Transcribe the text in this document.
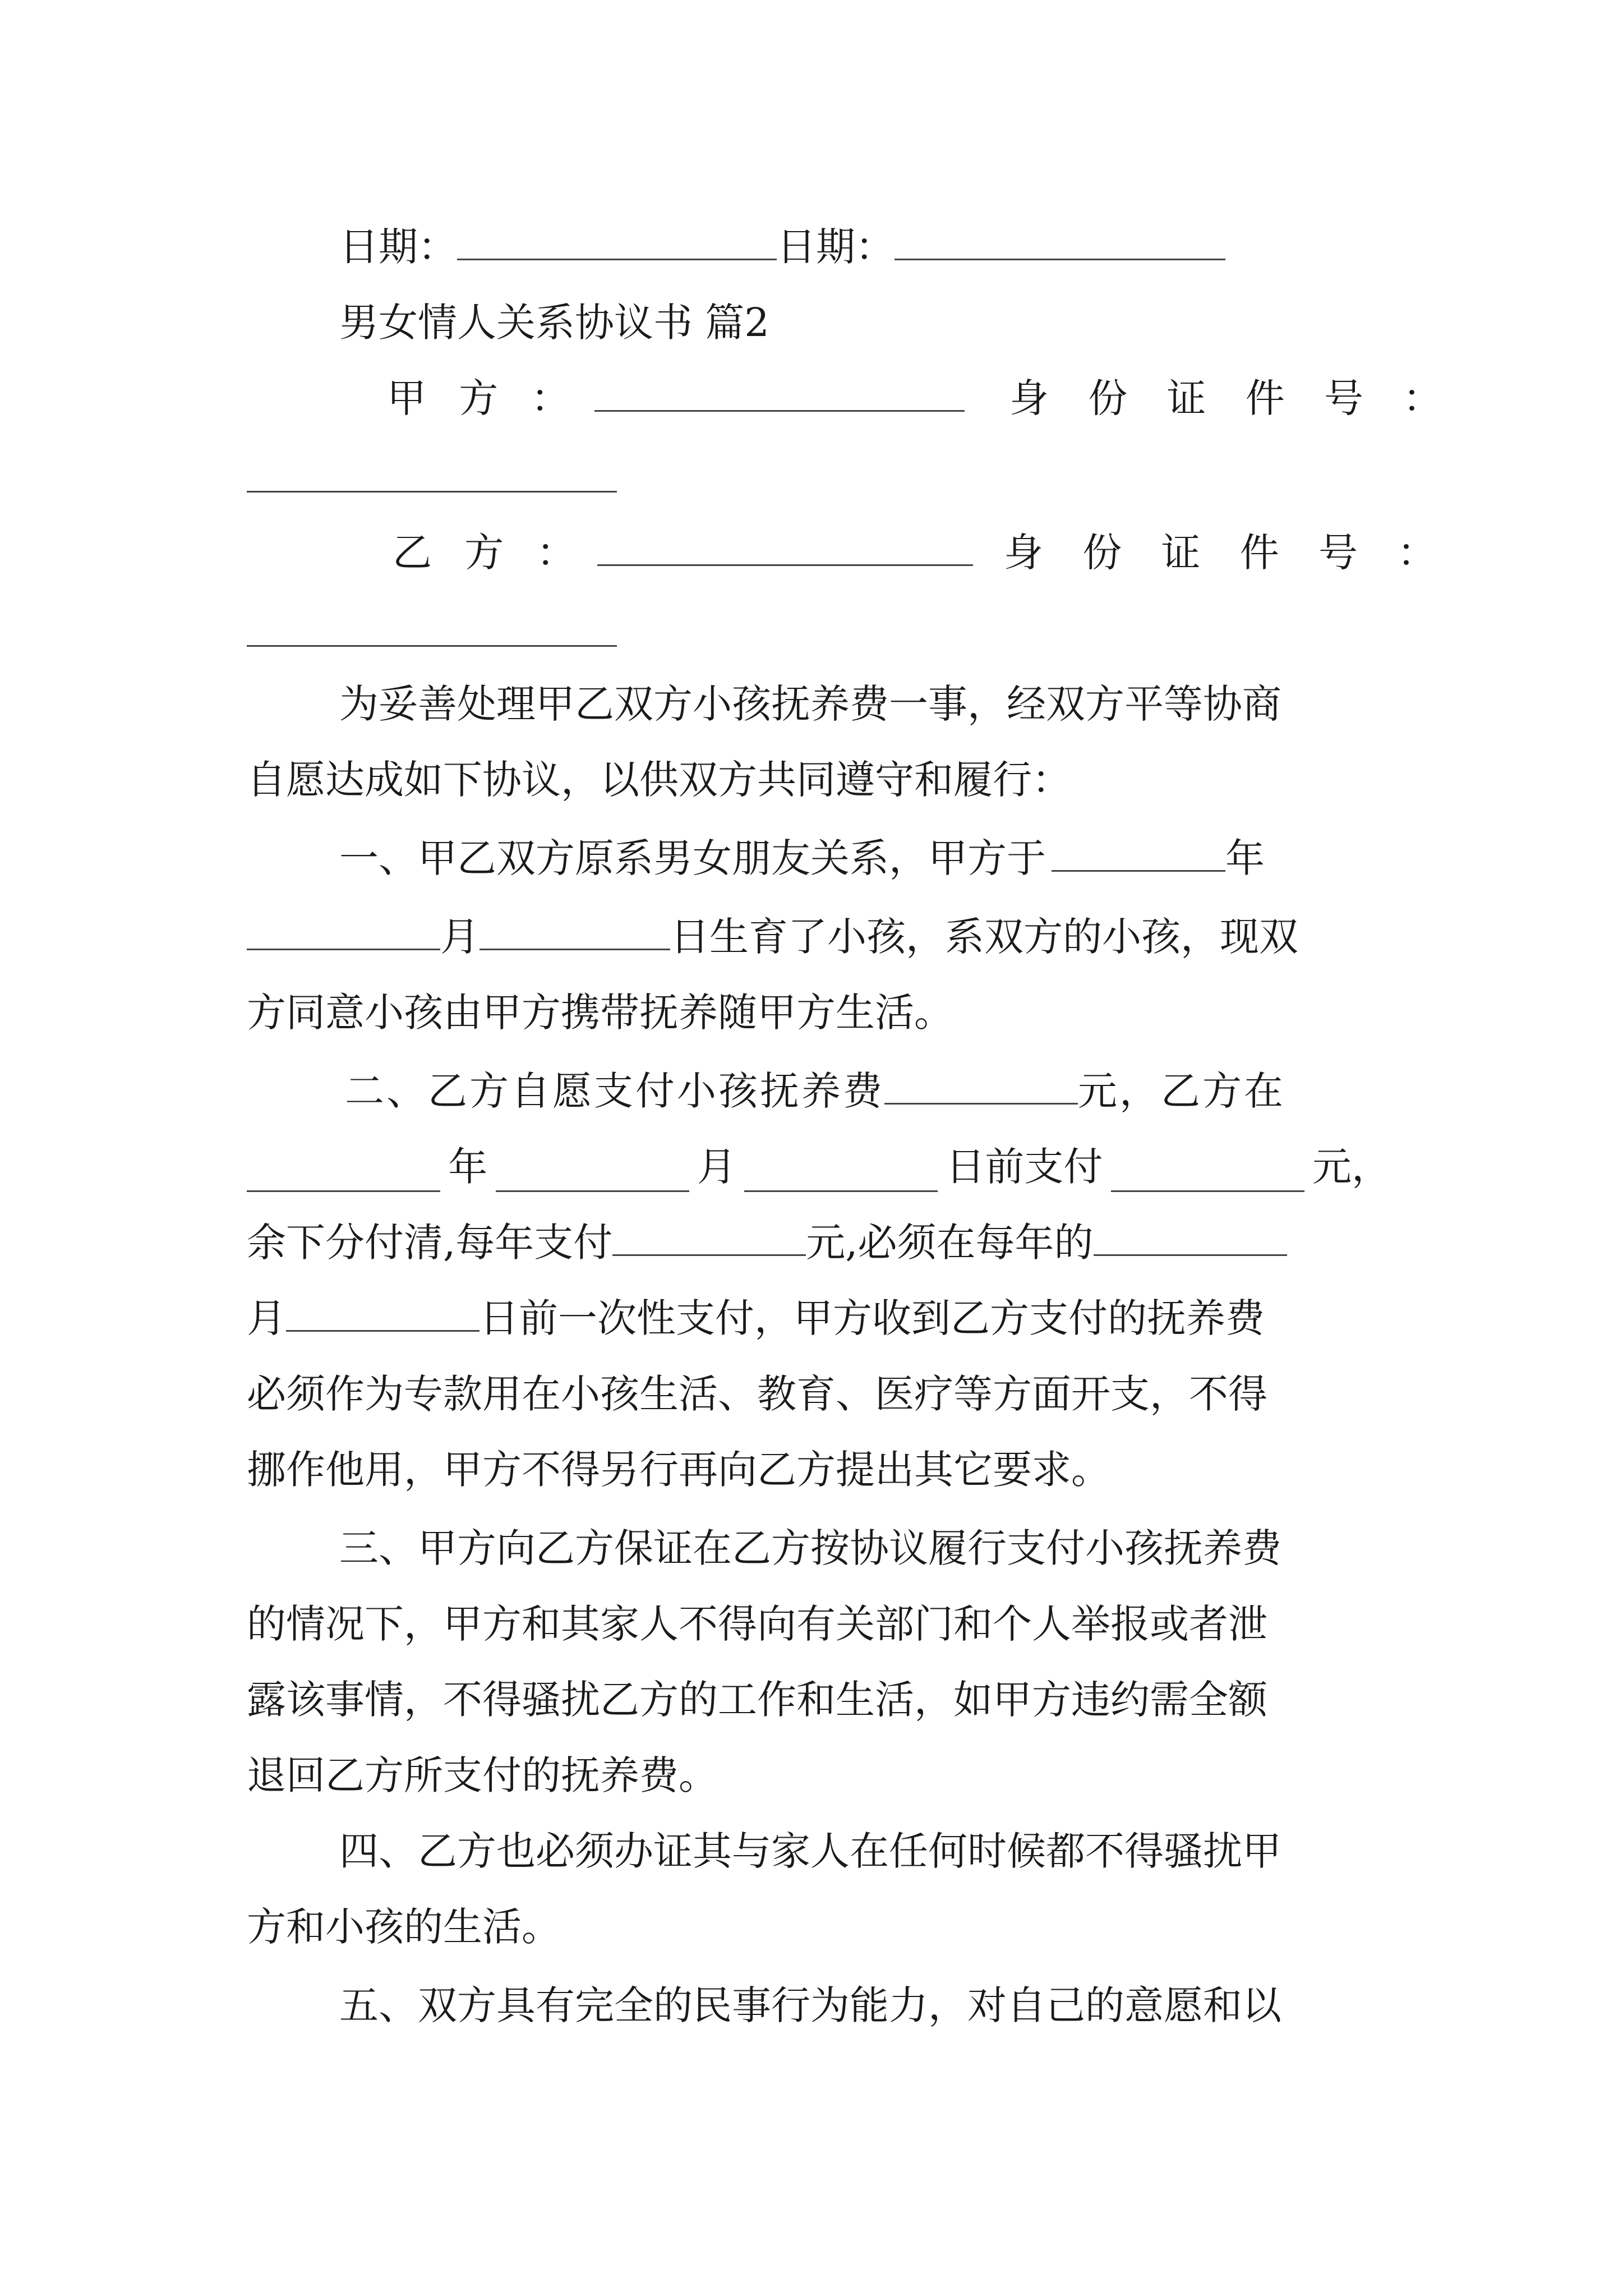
日期：	日期：
男女情人关系协议书 篇2
甲 方 ：	身 份 证 件 号 ：
乙 方 ：	身 份 证 件 号 ：
为妥善处理甲乙双方小孩抚养费一事，经双方平等协商
自愿达成如下协议，以供双方共同遵守和履行：
一、甲乙双方原系男女朋友关系，甲方于	年
月	日生育了小孩，系双方的小孩，现双
方同意小孩由甲方携带抚养随甲方生活。
二、乙方自愿支付小孩抚养费	元，乙方在
年	月	日前支付	元，
余下分付清,每年支付	元,必须在每年的
月	日前一次性支付，甲方收到乙方支付的抚养费
必须作为专款用在小孩生活、教育、医疗等方面开支，不得
挪作他用，甲方不得另行再向乙方提出其它要求。
三、甲方向乙方保证在乙方按协议履行支付小孩抚养费
的情况下，甲方和其家人不得向有关部门和个人举报或者泄
露该事情，不得骚扰乙方的工作和生活，如甲方违约需全额
退回乙方所支付的抚养费。
四、乙方也必须办证其与家人在任何时候都不得骚扰甲
方和小孩的生活。
五、双方具有完全的民事行为能力，对自己的意愿和以
